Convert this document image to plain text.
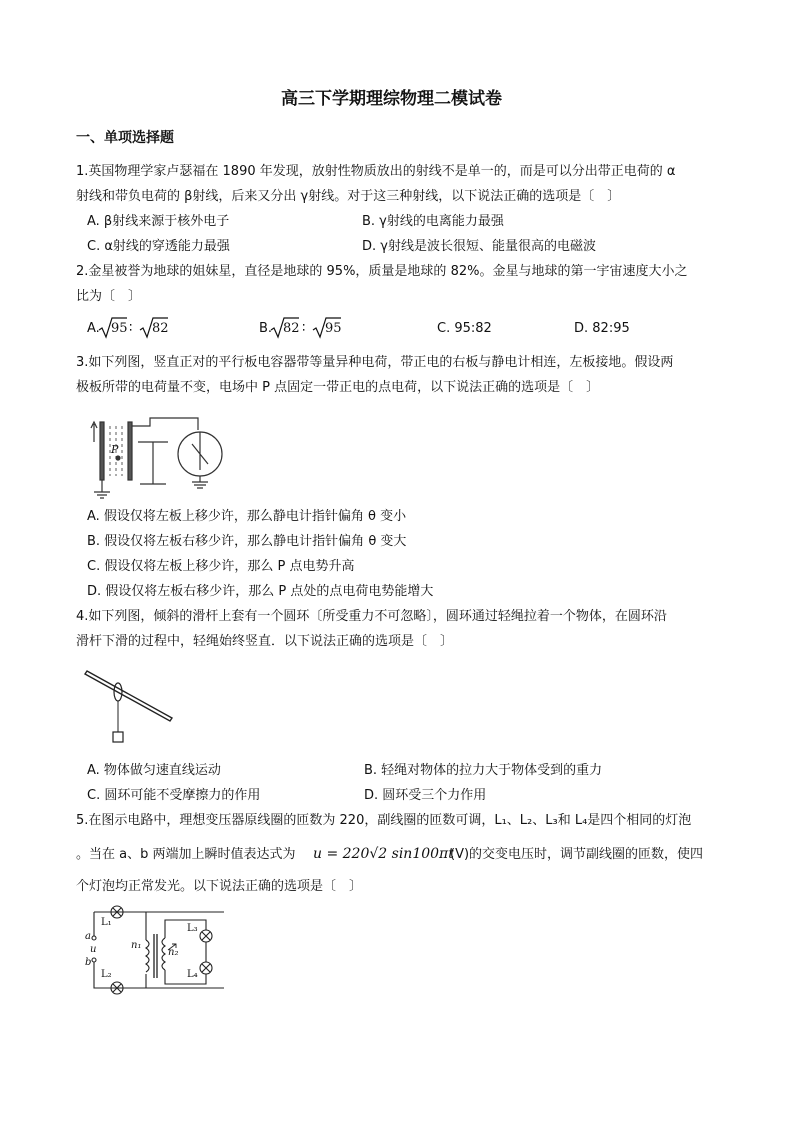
高三下学期理综物理二模试卷
一、单项选择题
1.英国物理学家卢瑟福在 1890 年发现，放射性物质放出的射线不是单一的，而是可以分出带正电荷的 α
射线和带负电荷的 β射线，后来又分出 γ射线。对于这三种射线，以下说法正确的选项是〔　〕
A. β射线来源于核外电子	B. γ射线的电离能力最强
C. α射线的穿透能力最强	D. γ射线是波长很短、能量很高的电磁波
2.金星被誉为地球的姐妹星，直径是地球的 95%，质量是地球的 82%。金星与地球的第一宇宙速度大小之
比为〔　〕
A. 95 ∶ 82	B. 82 ∶ 95	C. 95:82	D. 82:95
3.如下列图，竖直正对的平行板电容器带等量异种电荷，带正电的右板与静电计相连，左板接地。假设两
极板所带的电荷量不变，电场中 P 点固定一带正电的点电荷，以下说法正确的选项是〔　〕
P
A. 假设仅将左板上移少许，那么静电计指针偏角 θ 变小
B. 假设仅将左板右移少许，那么静电计指针偏角 θ 变大
C. 假设仅将左板上移少许，那么 P 点电势升高
D. 假设仅将左板右移少许，那么 P 点处的点电荷电势能增大
4.如下列图，倾斜的滑杆上套有一个圆环〔所受重力不可忽略〕，圆环通过轻绳拉着一个物体，在圆环沿
滑杆下滑的过程中，轻绳始终竖直．以下说法正确的选项是〔　〕
A. 物体做匀速直线运动	B. 轻绳对物体的拉力大于物体受到的重力
C. 圆环可能不受摩擦力的作用	D. 圆环受三个力作用
5.在图示电路中，理想变压器原线圈的匝数为 220，副线圈的匝数可调，L₁、L₂、L₃和 L₄是四个相同的灯泡
。当在 a、b 两端加上瞬时值表达式为 u = 220√2 sin100πt
(V)的交变电压时，调节副线圈的匝数，使四
个灯泡均正常发光。以下说法正确的选项是〔　〕
L₁
L₂
L₃
L₄
a
u
b
n₁
n₂
